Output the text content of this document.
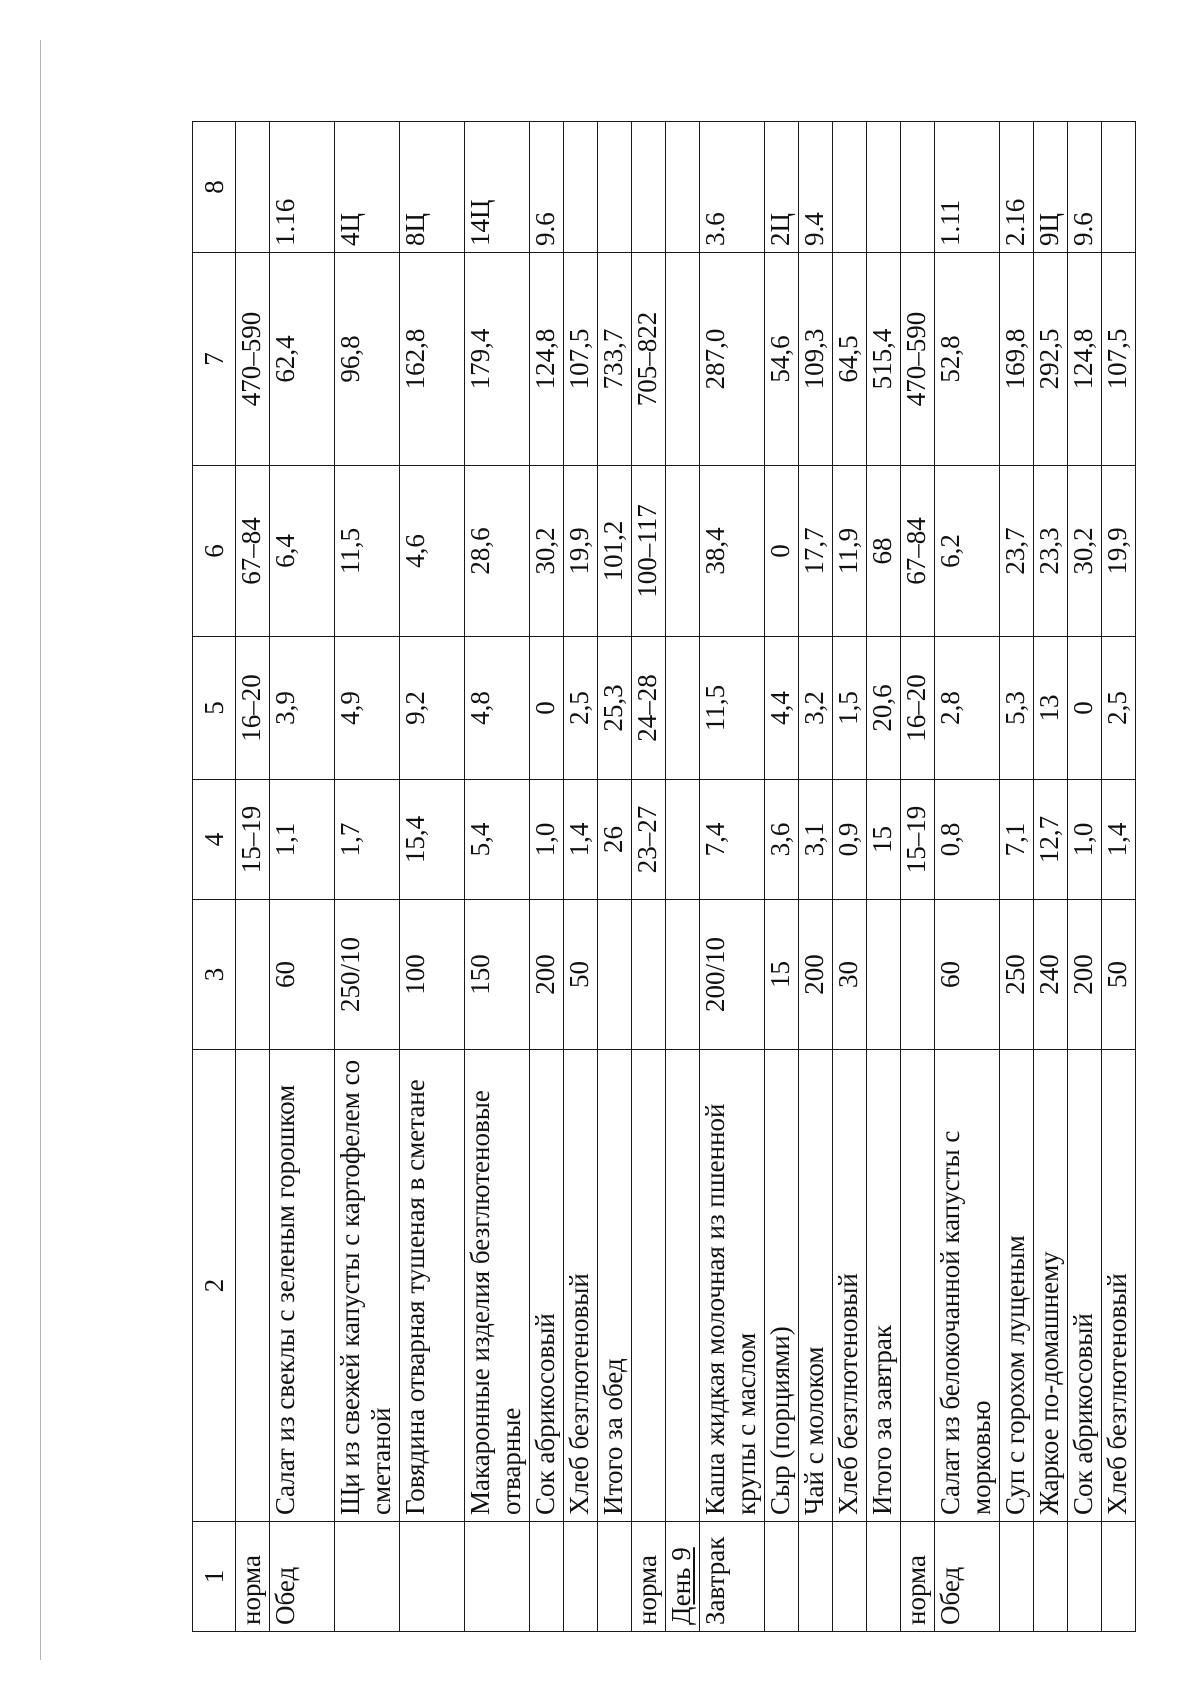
1	2	3	4	5	6	7	8
норма			15–19	16–20	67–84	470–590	
Обед	Салат из свеклы с зеленым горошком	60	1,1	3,9	6,4	62,4	1.16
	Щи из свежей капусты с картофелем со сметаной	250/10	1,7	4,9	11,5	96,8	4Ц
	Говядина отварная тушеная в сметане	100	15,4	9,2	4,6	162,8	8Ц
	Макаронные изделия безглютеновые отварные	150	5,4	4,8	28,6	179,4	14Ц
	Сок абрикосовый	200	1,0	0	30,2	124,8	9.6
	Хлеб безглютеновый	50	1,4	2,5	19,9	107,5	
	Итого за обед		26	25,3	101,2	733,7	
норма			23–27	24–28	100–117	705–822	
День 9							
Завтрак	Каша жидкая молочная из пшенной крупы с маслом	200/10	7,4	11,5	38,4	287,0	3.6
	Сыр (порциями)	15	3,6	4,4	0	54,6	2Ц
	Чай с молоком	200	3,1	3,2	17,7	109,3	9.4
	Хлеб безглютеновый	30	0,9	1,5	11,9	64,5	
	Итого за завтрак		15	20,6	68	515,4	
норма			15–19	16–20	67–84	470–590	
Обед	Салат из белокочанной капусты с морковью	60	0,8	2,8	6,2	52,8	1.11
	Суп с горохом лущеным	250	7,1	5,3	23,7	169,8	2.16
	Жаркое по-домашнему	240	12,7	13	23,3	292,5	9Ц
	Сок абрикосовый	200	1,0	0	30,2	124,8	9.6
	Хлеб безглютеновый	50	1,4	2,5	19,9	107,5	
